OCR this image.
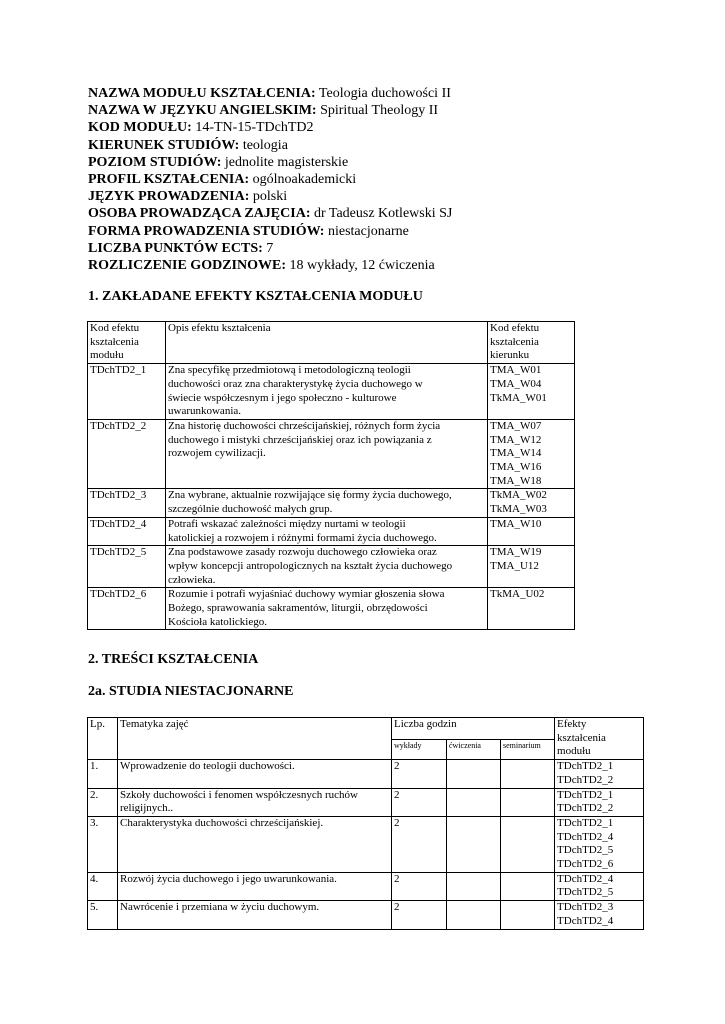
NAZWA MODUŁU KSZTAŁCENIA: Teologia duchowości II
NAZWA W JĘZYKU ANGIELSKIM: Spiritual Theology II
KOD MODUŁU: 14-TN-15-TDchTD2
KIERUNEK STUDIÓW: teologia
POZIOM STUDIÓW: jednolite magisterskie
PROFIL KSZTAŁCENIA: ogólnoakademicki
JĘZYK PROWADZENIA: polski
OSOBA PROWADZĄCA ZAJĘCIA: dr Tadeusz Kotlewski SJ
FORMA PROWADZENIA STUDIÓW: niestacjonarne
LICZBA PUNKTÓW ECTS: 7
ROZLICZENIE GODZINOWE: 18 wykłady, 12 ćwiczenia
1. ZAKŁADANE EFEKTY KSZTAŁCENIA MODUŁU
Kod efektu
kształcenia
modułu	Opis efektu kształcenia	Kod efektu
kształcenia
kierunku

TDchTD2_1	Zna specyfikę przedmiotową i metodologiczną teologii
duchowości oraz zna charakterystykę życia duchowego w
świecie współczesnym i jego społeczno - kulturowe
uwarunkowania.	TMA_W01
TMA_W04
TkMA_W01

TDchTD2_2	Zna historię duchowości chrześcijańskiej, różnych form życia
duchowego i mistyki chrześcijańskiej oraz ich powiązania z
rozwojem cywilizacji.	TMA_W07
TMA_W12
TMA_W14
TMA_W16
TMA_W18

TDchTD2_3	Zna wybrane, aktualnie rozwijające się formy życia duchowego,
szczególnie duchowość małych grup.	TkMA_W02
TkMA_W03

TDchTD2_4	Potrafi wskazać zależności między nurtami w teologii
katolickiej a rozwojem i różnymi formami życia duchowego.	TMA_W10

TDchTD2_5	Zna podstawowe zasady rozwoju duchowego człowieka oraz
wpływ koncepcji antropologicznych na kształt życia duchowego
człowieka.	TMA_W19
TMA_U12

TDchTD2_6	Rozumie i potrafi wyjaśniać duchowy wymiar głoszenia słowa
Bożego, sprawowania sakramentów, liturgii, obrzędowości
Kościoła katolickiego.	TkMA_U02
2. TREŚCI KSZTAŁCENIA
2a. STUDIA NIESTACJONARNE
Lp.	Tematyka zajęć	Liczba godzin			Efekty
kształcenia
modułu

		wykłady	ćwiczenia	seminarium	
1.	Wprowadzenie do teologii duchowości.	2			TDchTD2_1
TDchTD2_2

2.	Szkoły duchowości i fenomen współczesnych ruchów
religijnych..	2			TDchTD2_1
TDchTD2_2

3.	Charakterystyka duchowości chrześcijańskiej.	2			TDchTD2_1
TDchTD2_4
TDchTD2_5
TDchTD2_6

4.	Rozwój życia duchowego i jego uwarunkowania.	2			TDchTD2_4
TDchTD2_5

5.	Nawrócenie i przemiana w życiu duchowym.	2			TDchTD2_3
TDchTD2_4
